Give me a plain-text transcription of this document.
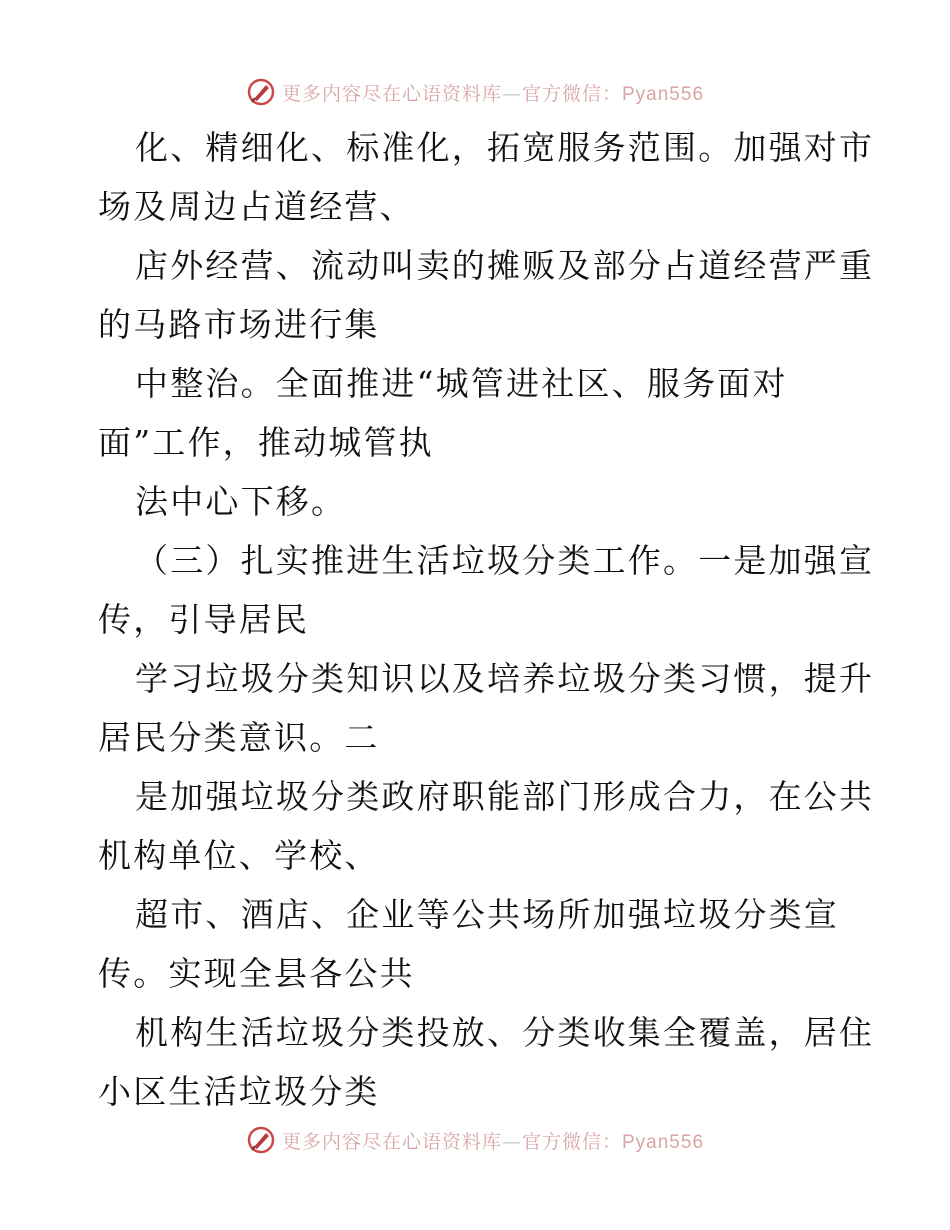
更多内容尽在心语资料库—官方微信：Pyan556
化、精细化、标准化，拓宽服务范围。加强对市
场及周边占道经营、
店外经营、流动叫卖的摊贩及部分占道经营严重
的马路市场进行集
中整治。全面推进“城管进社区、服务面对
面”工作，推动城管执
法中心下移。
（三）扎实推进生活垃圾分类工作。一是加强宣
传，引导居民
学习垃圾分类知识以及培养垃圾分类习惯，提升
居民分类意识。二
是加强垃圾分类政府职能部门形成合力，在公共
机构单位、学校、
超市、酒店、企业等公共场所加强垃圾分类宣
传。实现全县各公共
机构生活垃圾分类投放、分类收集全覆盖，居住
小区生活垃圾分类
更多内容尽在心语资料库—官方微信：Pyan556
